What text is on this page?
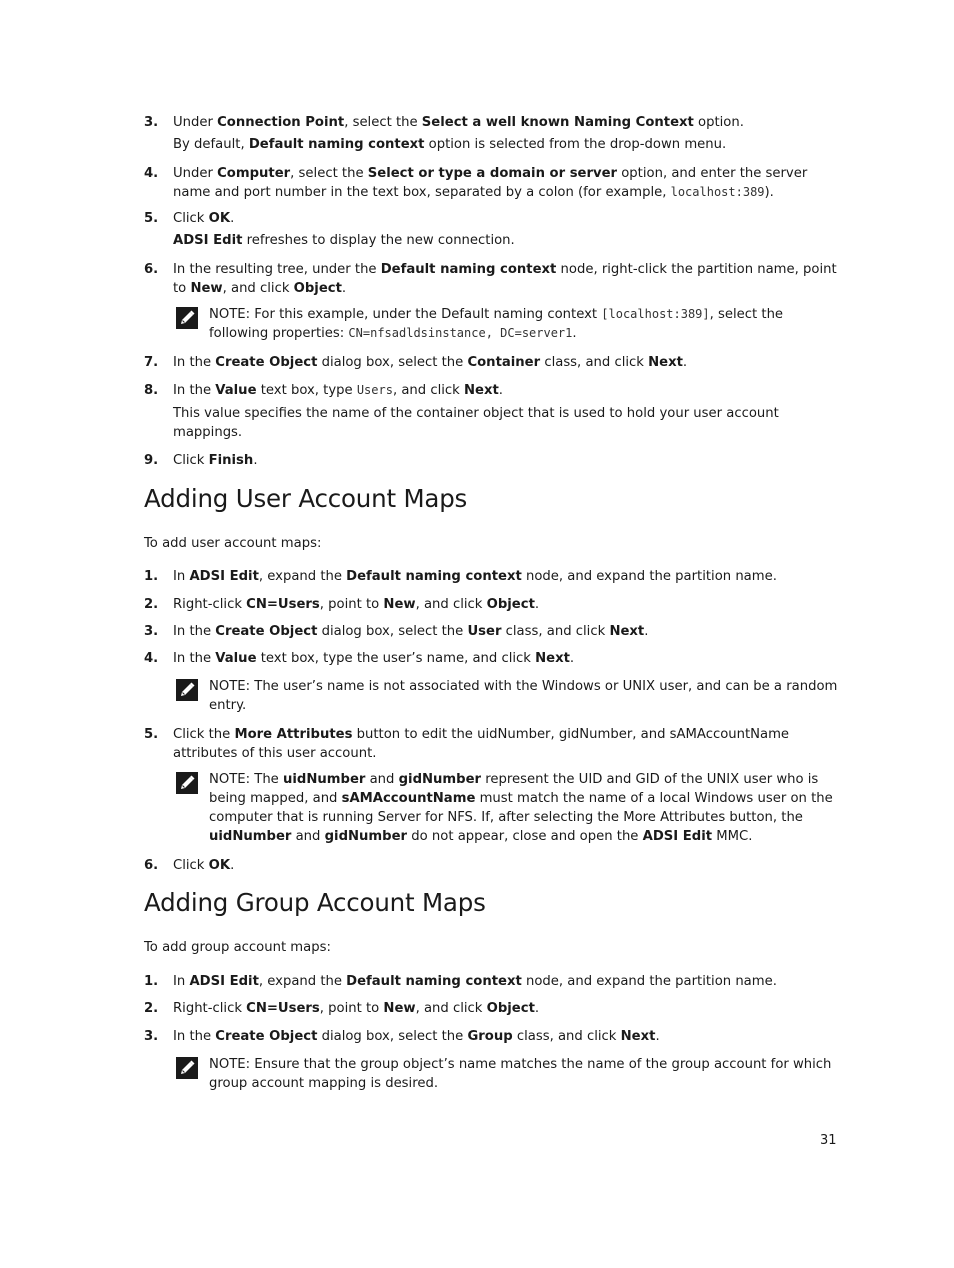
3. Under Connection Point, select the Select a well known Naming Context option.
By default, Default naming context option is selected from the drop-down menu.
4. Under Computer, select the Select or type a domain or server option, and enter the server name and port number in the text box, separated by a colon (for example, localhost:389).
5. Click OK.
ADSI Edit refreshes to display the new connection.
6. In the resulting tree, under the Default naming context node, right-click the partition name, point to New, and click Object.
NOTE: For this example, under the Default naming context [localhost:389], select the following properties: CN=nfsadldsinstance, DC=server1.
7. In the Create Object dialog box, select the Container class, and click Next.
8. In the Value text box, type Users, and click Next.
This value specifies the name of the container object that is used to hold your user account mappings.
9. Click Finish.
Adding User Account Maps
To add user account maps:
1. In ADSI Edit, expand the Default naming context node, and expand the partition name.
2. Right-click CN=Users, point to New, and click Object.
3. In the Create Object dialog box, select the User class, and click Next.
4. In the Value text box, type the user’s name, and click Next.
NOTE: The user’s name is not associated with the Windows or UNIX user, and can be a random entry.
5. Click the More Attributes button to edit the uidNumber, gidNumber, and sAMAccountName attributes of this user account.
NOTE: The uidNumber and gidNumber represent the UID and GID of the UNIX user who is being mapped, and sAMAccountName must match the name of a local Windows user on the computer that is running Server for NFS. If, after selecting the More Attributes button, the uidNumber and gidNumber do not appear, close and open the ADSI Edit MMC.
6. Click OK.
Adding Group Account Maps
To add group account maps:
1. In ADSI Edit, expand the Default naming context node, and expand the partition name.
2. Right-click CN=Users, point to New, and click Object.
3. In the Create Object dialog box, select the Group class, and click Next.
NOTE: Ensure that the group object’s name matches the name of the group account for which group account mapping is desired.
31
